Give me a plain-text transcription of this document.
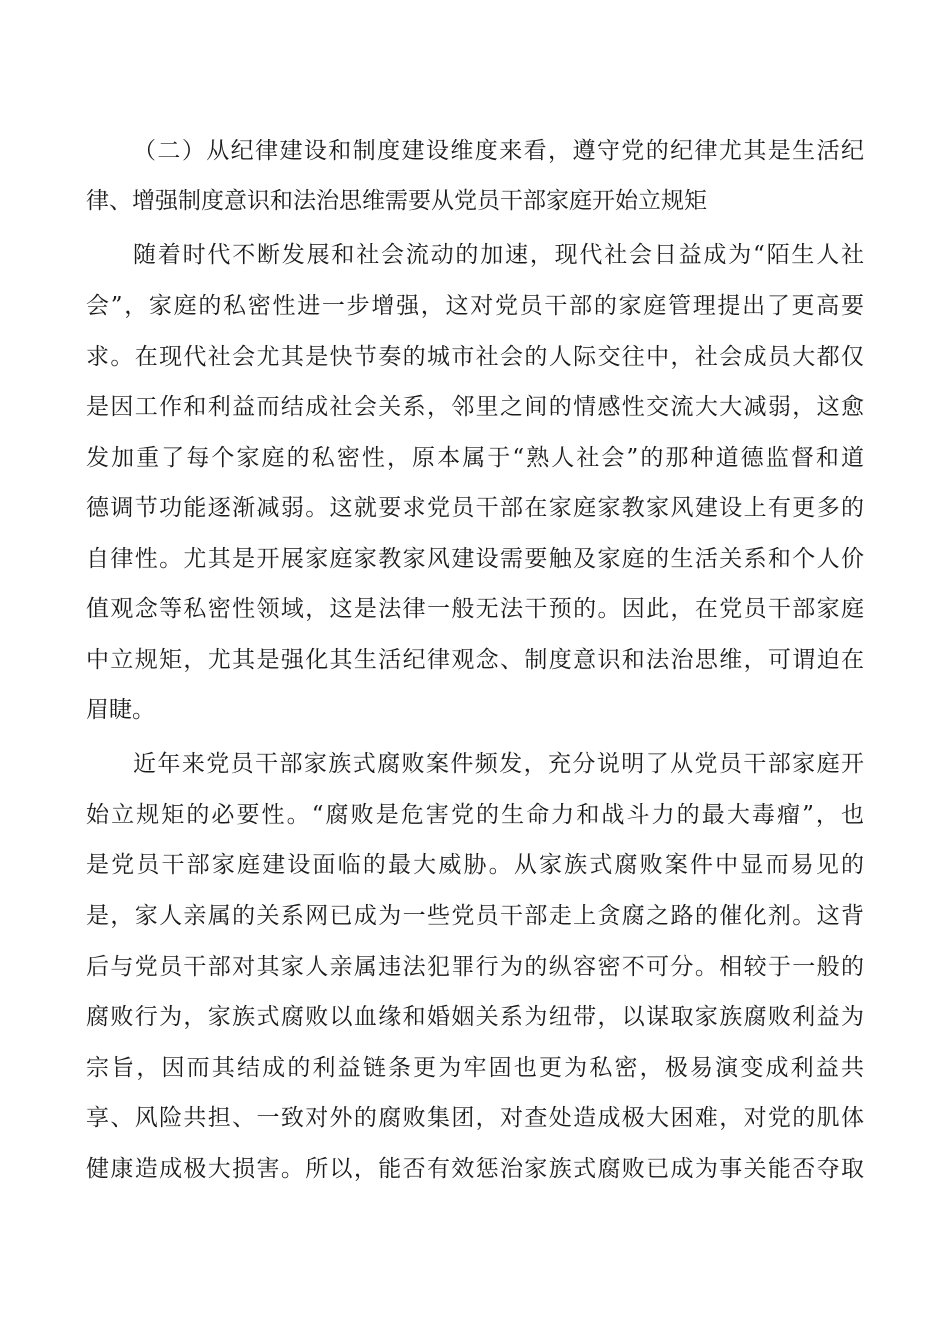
（二）从纪律建设和制度建设维度来看，遵守党的纪律尤其是生活纪
律、增强制度意识和法治思维需要从党员干部家庭开始立规矩
随着时代不断发展和社会流动的加速，现代社会日益成为“陌生人社
会”，家庭的私密性进一步增强，这对党员干部的家庭管理提出了更高要
求。在现代社会尤其是快节奏的城市社会的人际交往中，社会成员大都仅
是因工作和利益而结成社会关系，邻里之间的情感性交流大大减弱，这愈
发加重了每个家庭的私密性，原本属于“熟人社会”的那种道德监督和道
德调节功能逐渐减弱。这就要求党员干部在家庭家教家风建设上有更多的
自律性。尤其是开展家庭家教家风建设需要触及家庭的生活关系和个人价
值观念等私密性领域，这是法律一般无法干预的。因此，在党员干部家庭
中立规矩，尤其是强化其生活纪律观念、制度意识和法治思维，可谓迫在
眉睫。
近年来党员干部家族式腐败案件频发，充分说明了从党员干部家庭开
始立规矩的必要性。“腐败是危害党的生命力和战斗力的最大毒瘤”，也
是党员干部家庭建设面临的最大威胁。从家族式腐败案件中显而易见的
是，家人亲属的关系网已成为一些党员干部走上贪腐之路的催化剂。这背
后与党员干部对其家人亲属违法犯罪行为的纵容密不可分。相较于一般的
腐败行为，家族式腐败以血缘和婚姻关系为纽带，以谋取家族腐败利益为
宗旨，因而其结成的利益链条更为牢固也更为私密，极易演变成利益共
享、风险共担、一致对外的腐败集团，对查处造成极大困难，对党的肌体
健康造成极大损害。所以，能否有效惩治家族式腐败已成为事关能否夺取
